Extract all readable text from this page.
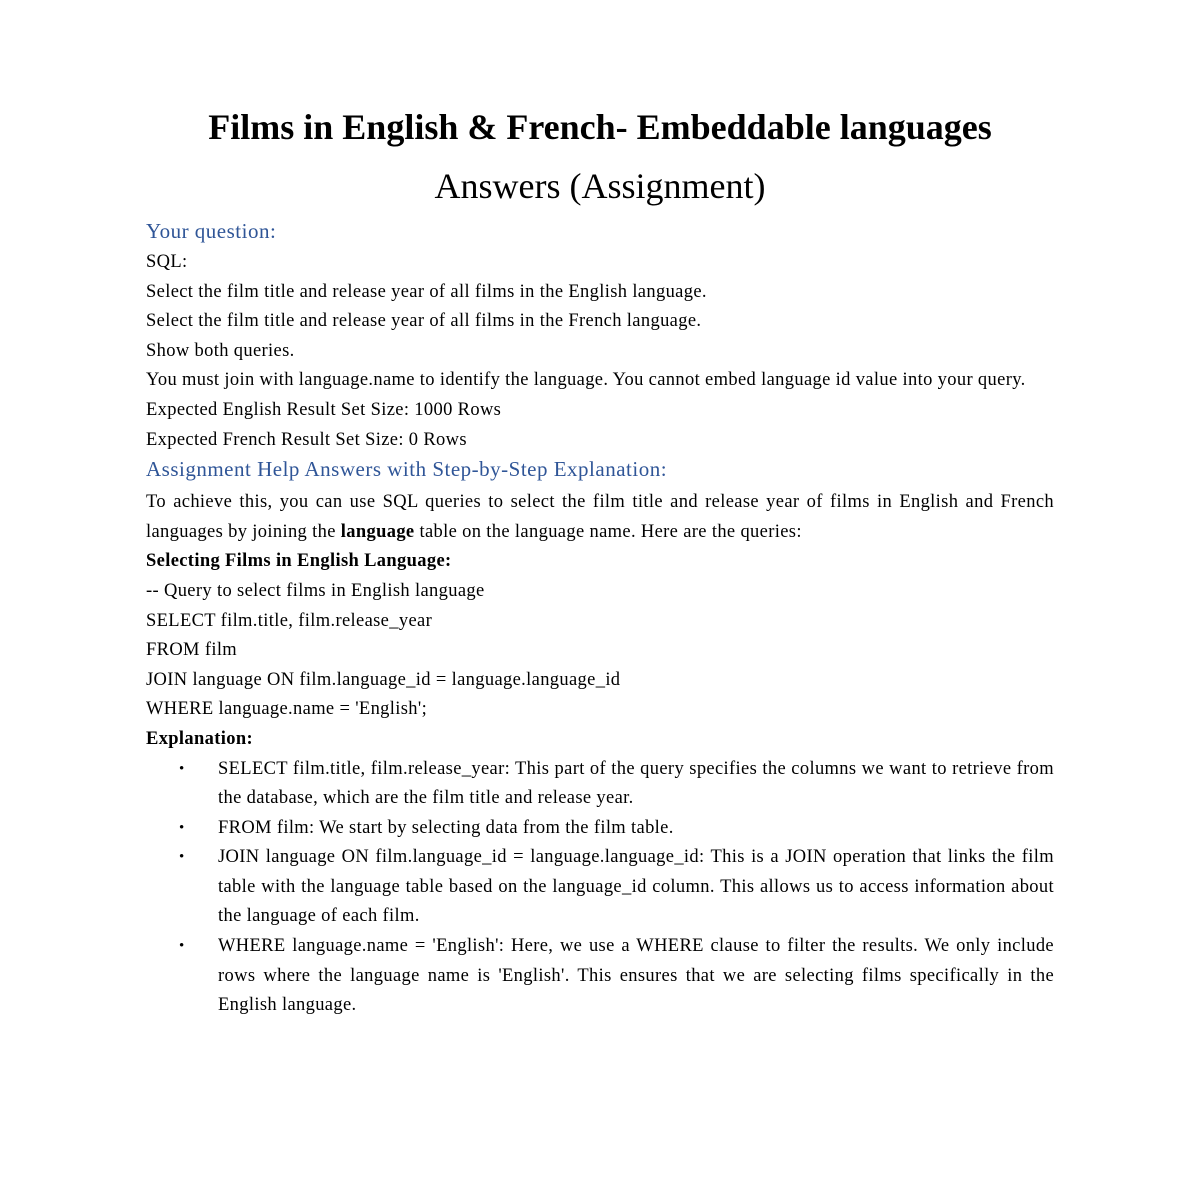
Films in English & French- Embeddable languages Answers (Assignment)
Your question:
SQL:
Select the film title and release year of all films in the English language.
Select the film title and release year of all films in the French language.
Show both queries.
You must join with language.name to identify the language. You cannot embed language id value into your query.
Expected English Result Set Size: 1000 Rows
Expected French Result Set Size: 0 Rows
Assignment Help Answers with Step-by-Step Explanation:
To achieve this, you can use SQL queries to select the film title and release year of films in English and French languages by joining the language table on the language name. Here are the queries:
Selecting Films in English Language:
-- Query to select films in English language
SELECT film.title, film.release_year
FROM film
JOIN language ON film.language_id = language.language_id
WHERE language.name = 'English';
Explanation:
• SELECT film.title, film.release_year: This part of the query specifies the columns we want to retrieve from the database, which are the film title and release year.
• FROM film: We start by selecting data from the film table.
• JOIN language ON film.language_id = language.language_id: This is a JOIN operation that links the film table with the language table based on the language_id column. This allows us to access information about the language of each film.
• WHERE language.name = 'English': Here, we use a WHERE clause to filter the results. We only include rows where the language name is 'English'. This ensures that we are selecting films specifically in the English language.
